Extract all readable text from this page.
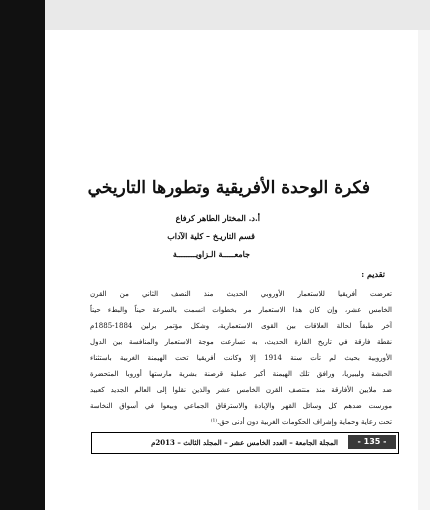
فكرة الوحدة الأفريقية وتطورها التاريخي
أ.د. المختار الطاهر كرفاع
قسم التاريـخ – كلية الآداب
جامعـــــة الـزاويــــــــة
تقديم :
تعرضت أفريقيا للاستعمار الأوروبي الحديث منذ النصف الثاني من القرن
الخامس عشر، وإن كان هذا الاستعمار مر بخطوات اتسمت بالسرعة حيناً والبطء حيناً
آخر طبقاً لحالة العلاقات بين القوى الاستعمارية، وشكل مؤتمر برلين 1884-1885م
نقطة فارقة في تاريخ القارة الحديث، به تسارعت موجة الاستعمار والمنافسة بين الدول
الأوروبية بحيث لم تأت سنة 1914 إلا وكانت أفريقيا تحت الهيمنة الغربية باستثناء
الحبشة وليبيريا، ورافق تلك الهيمنة أكبر عملية قرصنة بشرية مارستها أوروبا المتحضرة
ضد ملايين الأفارقة منذ منتصف القرن الخامس عشر والذين نقلوا إلى العالم الجديد كعبيد
مورست ضدهم كل وسائل القهر والإبادة والاسترقاق الجماعي وبيعوا في أسواق النخاسة
تحت رعاية وحماية وإشراف الحكومات الغربية دون أدنى حق.⁽¹⁾
المجلة الجامعة – العدد الخامس عشر – المجلد الثالث – 2013م	- 135 -
